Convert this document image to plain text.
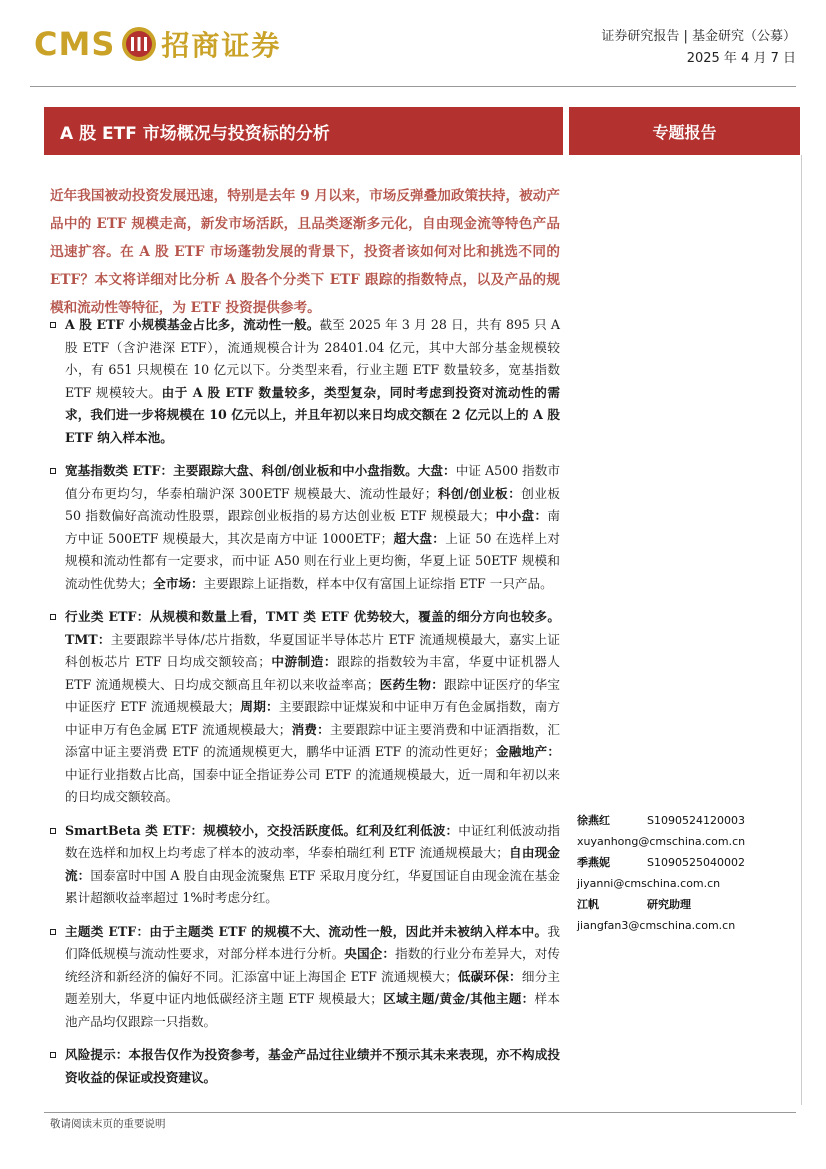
CMS 招商证券	证券研究报告 | 基金研究（公募）
2025 年 4 月 7 日
A 股 ETF 市场概况与投资标的分析	专题报告
近年我国被动投资发展迅速，特别是去年 9 月以来，市场反弹叠加政策扶持，被动产品中的 ETF 规模走高，新发市场活跃，且品类逐渐多元化，自由现金流等特色产品迅速扩容。在 A 股 ETF 市场蓬勃发展的背景下，投资者该如何对比和挑选不同的 ETF？本文将详细对比分析 A 股各个分类下 ETF 跟踪的指数特点，以及产品的规模和流动性等特征，为 ETF 投资提供参考。
A 股 ETF 小规模基金占比多，流动性一般。截至 2025 年 3 月 28 日，共有 895 只 A 股 ETF（含沪港深 ETF），流通规模合计为 28401.04 亿元，其中大部分基金规模较小，有 651 只规模在 10 亿元以下。分类型来看，行业主题 ETF 数量较多，宽基指数 ETF 规模较大。由于 A 股 ETF 数量较多，类型复杂，同时考虑到投资对流动性的需求，我们进一步将规模在 10 亿元以上，并且年初以来日均成交额在 2 亿元以上的 A 股 ETF 纳入样本池。
宽基指数类 ETF：主要跟踪大盘、科创/创业板和中小盘指数。大盘：中证 A500 指数市值分布更均匀，华泰柏瑞沪深 300ETF 规模最大、流动性最好；科创/创业板：创业板 50 指数偏好高流动性股票，跟踪创业板指的易方达创业板 ETF 规模最大；中小盘：南方中证 500ETF 规模最大，其次是南方中证 1000ETF；超大盘：上证 50 在选样上对规模和流动性都有一定要求，而中证 A50 则在行业上更均衡，华夏上证 50ETF 规模和流动性优势大；全市场：主要跟踪上证指数，样本中仅有富国上证综指 ETF 一只产品。
行业类 ETF：从规模和数量上看，TMT 类 ETF 优势较大，覆盖的细分方向也较多。TMT：主要跟踪半导体/芯片指数，华夏国证半导体芯片 ETF 流通规模最大，嘉实上证科创板芯片 ETF 日均成交额较高；中游制造：跟踪的指数较为丰富，华夏中证机器人 ETF 流通规模大、日均成交额高且年初以来收益率高；医药生物：跟踪中证医疗的华宝中证医疗 ETF 流通规模最大；周期：主要跟踪中证煤炭和中证申万有色金属指数，南方中证申万有色金属 ETF 流通规模最大；消费：主要跟踪中证主要消费和中证酒指数，汇添富中证主要消费 ETF 的流通规模更大，鹏华中证酒 ETF 的流动性更好；金融地产：中证行业指数占比高，国泰中证全指证券公司 ETF 的流通规模最大，近一周和年初以来的日均成交额较高。
SmartBeta 类 ETF：规模较小，交投活跃度低。红利及红利低波：中证红利低波动指数在选样和加权上均考虑了样本的波动率，华泰柏瑞红利 ETF 流通规模最大；自由现金流：国泰富时中国 A 股自由现金流聚焦 ETF 采取月度分红，华夏国证自由现金流在基金累计超额收益率超过 1%时考虑分红。
主题类 ETF：由于主题类 ETF 的规模不大、流动性一般，因此并未被纳入样本中。我们降低规模与流动性要求，对部分样本进行分析。央国企：指数的行业分布差异大，对传统经济和新经济的偏好不同。汇添富中证上海国企 ETF 流通规模大；低碳环保：细分主题差别大，华夏中证内地低碳经济主题 ETF 规模最大；区域主题/黄金/其他主题：样本池产品均仅跟踪一只指数。
风险提示：本报告仅作为投资参考，基金产品过往业绩并不预示其未来表现，亦不构成投资收益的保证或投资建议。
徐燕红	S1090524120003
xuyanhong@cmschina.com.cn
季燕妮	S1090525040002
jiyanni@cmschina.com.cn
江帆	研究助理
jiangfan3@cmschina.com.cn
敬请阅读末页的重要说明
